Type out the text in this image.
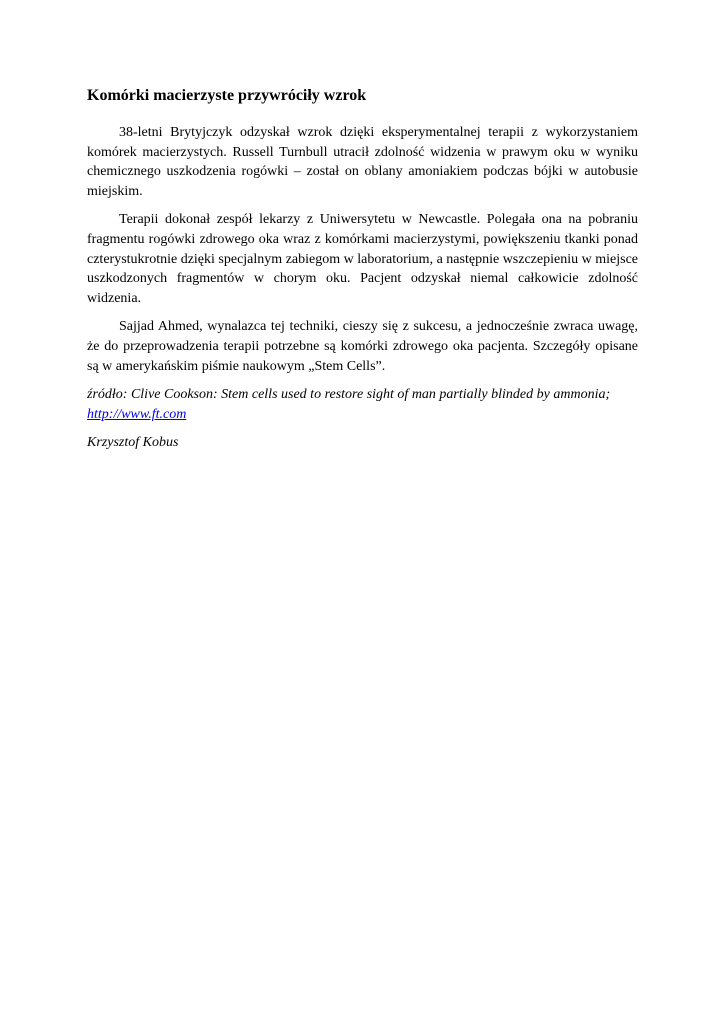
Komórki macierzyste przywróciły wzrok

38-letni Brytyjczyk odzyskał wzrok dzięki eksperymentalnej terapii z wykorzystaniem komórek macierzystych. Russell Turnbull utracił zdolność widzenia w prawym oku w wyniku chemicznego uszkodzenia rogówki – został on oblany amoniakiem podczas bójki w autobusie miejskim.

Terapii dokonał zespół lekarzy z Uniwersytetu w Newcastle. Polegała ona na pobraniu fragmentu rogówki zdrowego oka wraz z komórkami macierzystymi, powiększeniu tkanki ponad czterystukrotnie dzięki specjalnym zabiegom w laboratorium, a następnie wszczepieniu w miejsce uszkodzonych fragmentów w chorym oku. Pacjent odzyskał niemal całkowicie zdolność widzenia.

Sajjad Ahmed, wynalazca tej techniki, cieszy się z sukcesu, a jednocześnie zwraca uwagę, że do przeprowadzenia terapii potrzebne są komórki zdrowego oka pacjenta. Szczegóły opisane są w amerykańskim piśmie naukowym „Stem Cells”.

źródło: Clive Cookson: Stem cells used to restore sight of man partially blinded by ammonia; http://www.ft.com

Krzysztof Kobus
